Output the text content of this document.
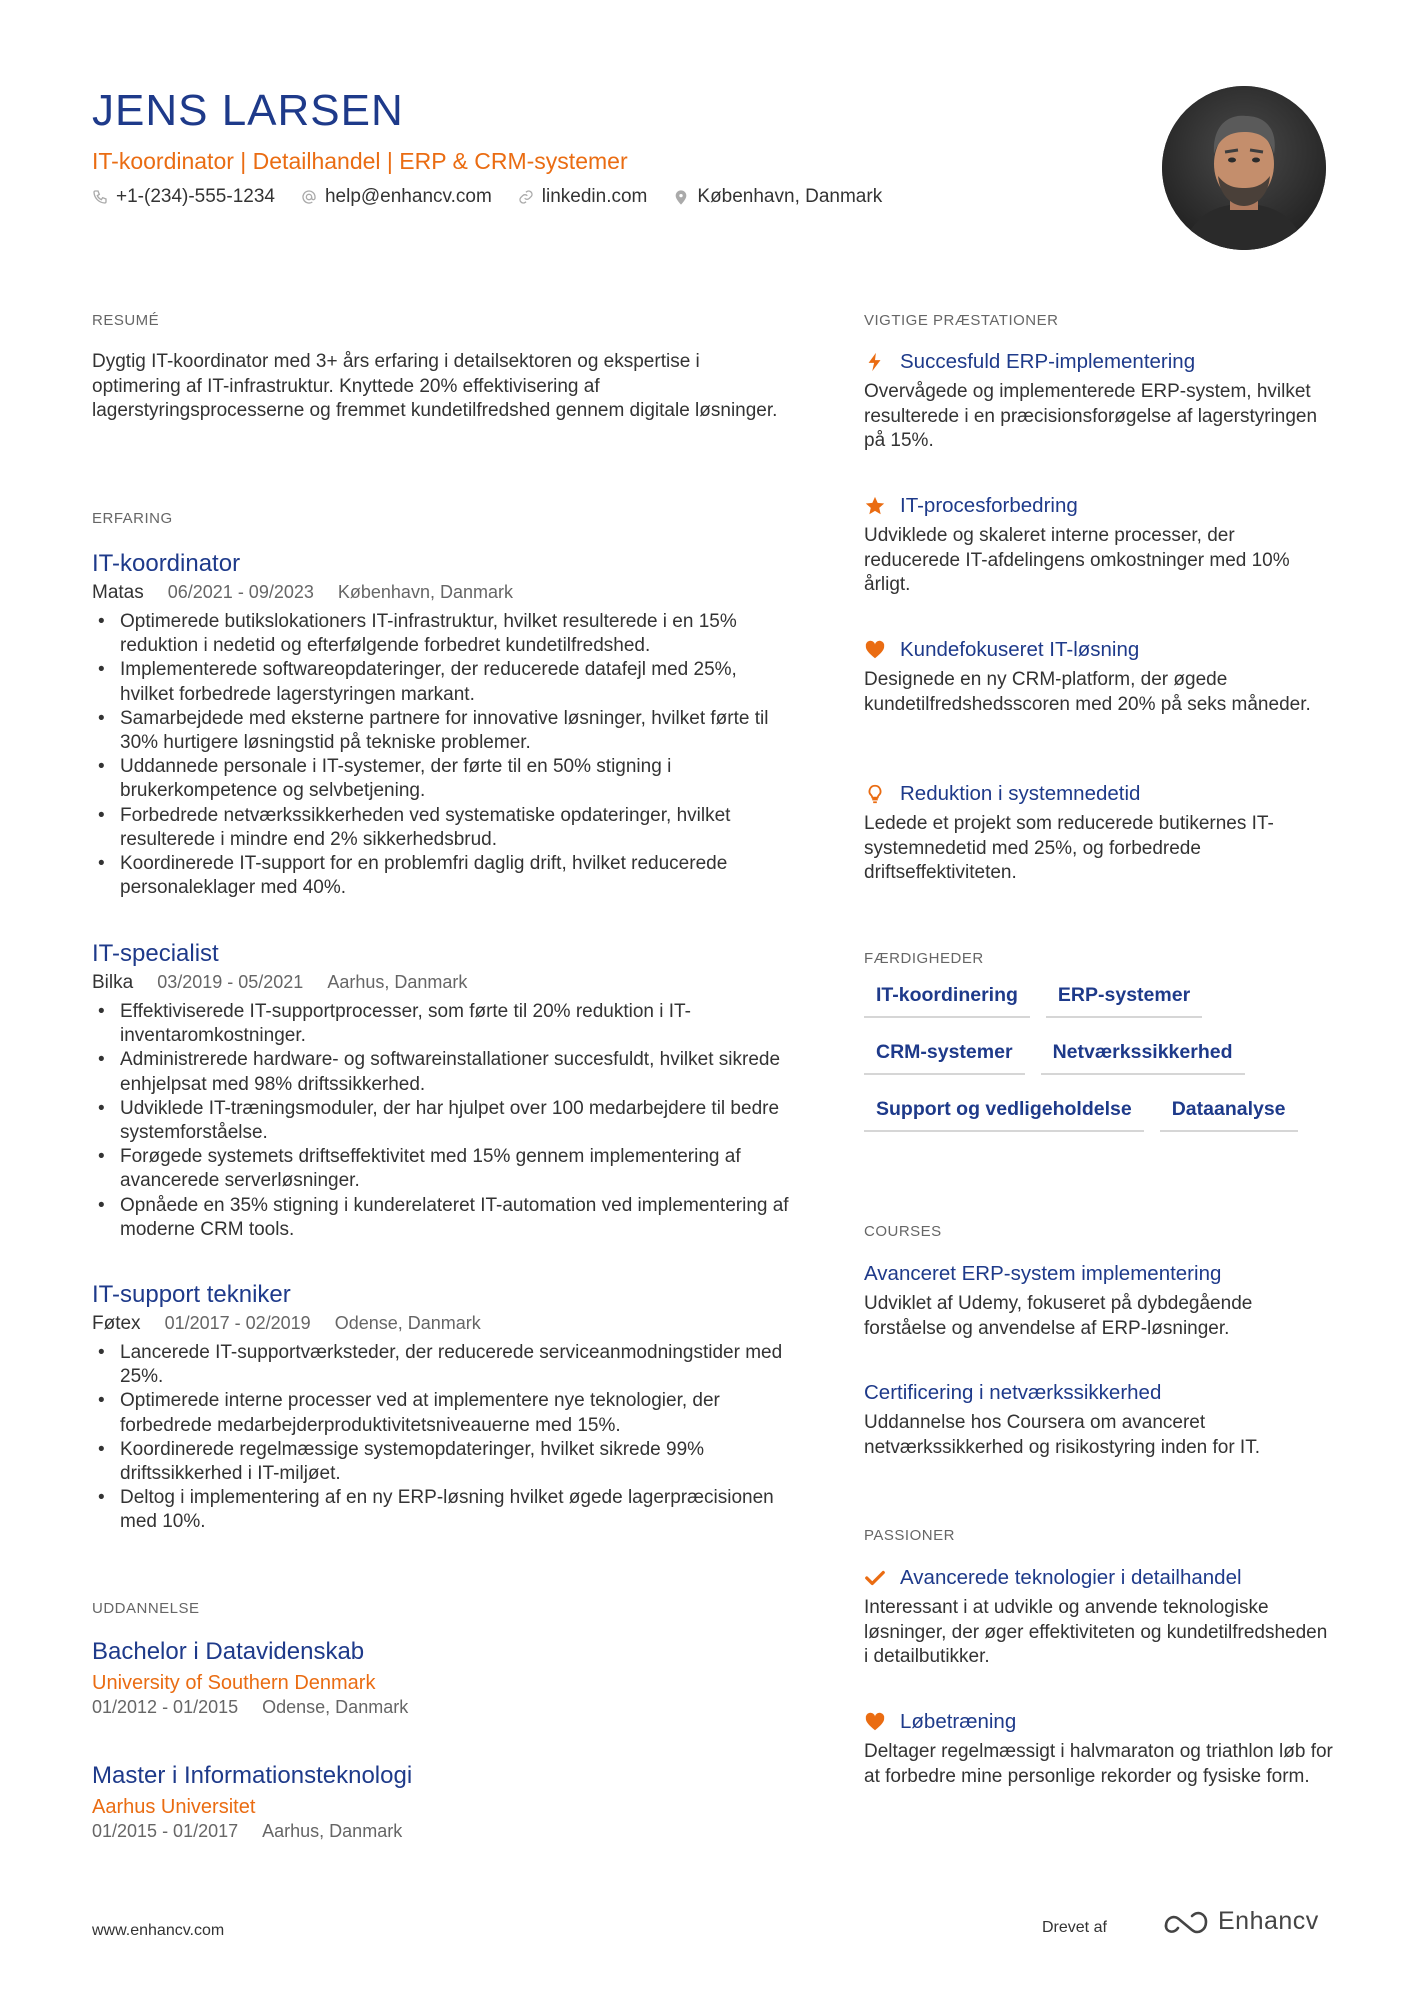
JENS LARSEN
IT-koordinator | Detailhandel | ERP & CRM-systemer
+1-(234)-555-1234	help@enhancv.com	linkedin.com	København, Danmark
RESUMÉ
Dygtig IT-koordinator med 3+ års erfaring i detailsektoren og ekspertise i optimering af IT-infrastruktur. Knyttede 20% effektivisering af lagerstyringsprocesserne og fremmet kundetilfredshed gennem digitale løsninger.
ERFARING
IT-koordinator
Matas 06/2021 - 09/2023 København, Danmark
• Optimerede butikslokationers IT-infrastruktur, hvilket resulterede i en 15% reduktion i nedetid og efterfølgende forbedret kundetilfredshed.
• Implementerede softwareopdateringer, der reducerede datafejl med 25%, hvilket forbedrede lagerstyringen markant.
• Samarbejdede med eksterne partnere for innovative løsninger, hvilket førte til 30% hurtigere løsningstid på tekniske problemer.
• Uddannede personale i IT-systemer, der førte til en 50% stigning i brukerkompetence og selvbetjening.
• Forbedrede netværkssikkerheden ved systematiske opdateringer, hvilket resulterede i mindre end 2% sikkerhedsbrud.
• Koordinerede IT-support for en problemfri daglig drift, hvilket reducerede personaleklager med 40%.
IT-specialist
Bilka 03/2019 - 05/2021 Aarhus, Danmark
• Effektiviserede IT-supportprocesser, som førte til 20% reduktion i IT-inventaromkostninger.
• Administrerede hardware- og softwareinstallationer succesfuldt, hvilket sikrede enhjelpsat med 98% driftssikkerhed.
• Udviklede IT-træningsmoduler, der har hjulpet over 100 medarbejdere til bedre systemforståelse.
• Forøgede systemets driftseffektivitet med 15% gennem implementering af avancerede serverløsninger.
• Opnåede en 35% stigning i kunderelateret IT-automation ved implementering af moderne CRM tools.
IT-support tekniker
Føtex 01/2017 - 02/2019 Odense, Danmark
• Lancerede IT-supportværksteder, der reducerede serviceanmodningstider med 25%.
• Optimerede interne processer ved at implementere nye teknologier, der forbedrede medarbejderproduktivitetsniveauerne med 15%.
• Koordinerede regelmæssige systemopdateringer, hvilket sikrede 99% driftssikkerhed i IT-miljøet.
• Deltog i implementering af en ny ERP-løsning hvilket øgede lagerpræcisionen med 10%.
UDDANNELSE
Bachelor i Datavidenskab
University of Southern Denmark
01/2012 - 01/2015 Odense, Danmark
Master i Informationsteknologi
Aarhus Universitet
01/2015 - 01/2017 Aarhus, Danmark
VIGTIGE PRÆSTATIONER
Succesfuld ERP-implementering
Overvågede og implementerede ERP-system, hvilket resulterede i en præcisionsforøgelse af lagerstyringen på 15%.
IT-procesforbedring
Udviklede og skaleret interne processer, der reducerede IT-afdelingens omkostninger med 10% årligt.
Kundefokuseret IT-løsning
Designede en ny CRM-platform, der øgede kundetilfredshedsscoren med 20% på seks måneder.
Reduktion i systemnedetid
Ledede et projekt som reducerede butikernes IT-systemnedetid med 25%, og forbedrede driftseffektiviteten.
FÆRDIGHEDER
IT-koordinering	ERP-systemer
CRM-systemer	Netværkssikkerhed
Support og vedligeholdelse	Dataanalyse
COURSES
Avanceret ERP-system implementering
Udviklet af Udemy, fokuseret på dybdegående forståelse og anvendelse af ERP-løsninger.
Certificering i netværkssikkerhed
Uddannelse hos Coursera om avanceret netværkssikkerhed og risikostyring inden for IT.
PASSIONER
Avancerede teknologier i detailhandel
Interessant i at udvikle og anvende teknologiske løsninger, der øger effektiviteten og kundetilfredsheden i detailbutikker.
Løbetræning
Deltager regelmæssigt i halvmaraton og triathlon løb for at forbedre mine personlige rekorder og fysiske form.
www.enhancv.com	Drevet af	Enhancv
